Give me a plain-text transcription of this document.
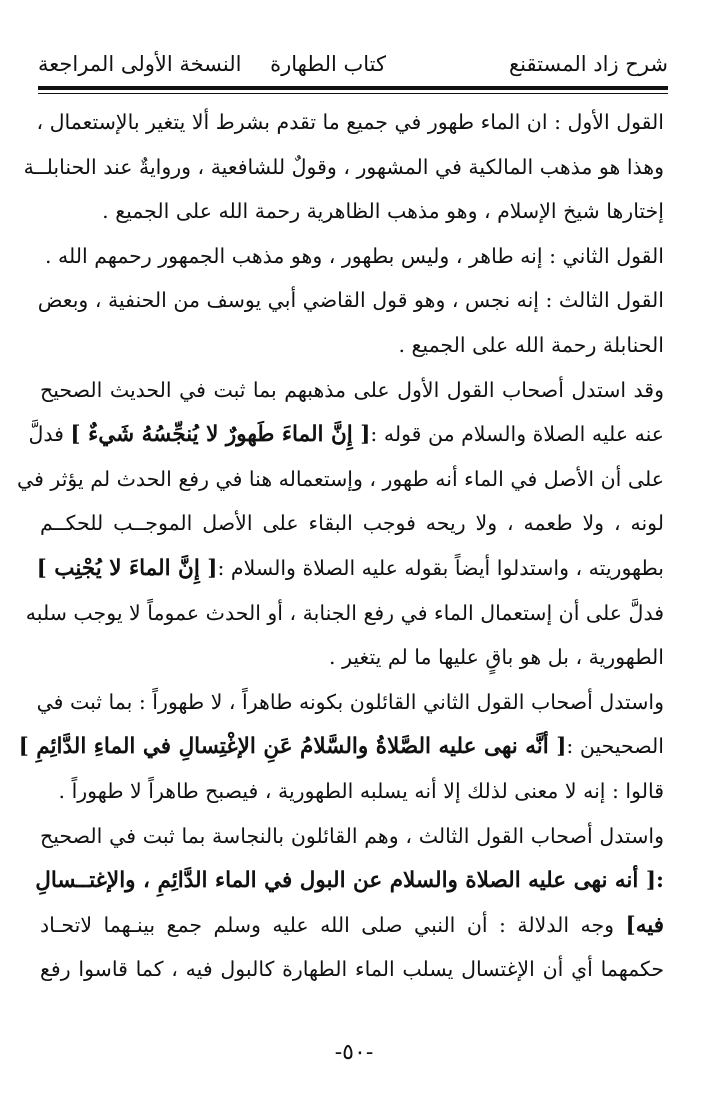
شرح زاد المستقنع
كتاب الطهارة
النسخة الأولى المراجعة
القول الأول : ان الماء طهور في جميع ما تقدم بشرط ألا يتغير بالإستعمال ،
وهذا هو مذهب المالكية في المشهور ، وقولٌ للشافعية ، وروايةٌ عند الحنابلــة
إختارها شيخ الإسلام ، وهو مذهب الظاهرية رحمة الله على الجميع .
القول الثاني : إنه طاهر ، وليس بطهور ، وهو مذهب الجمهور رحمهم الله .
القول الثالث : إنه نجس ، وهو قول القاضي أبي يوسف من الحنفية ، وبعض
الحنابلة رحمة الله على الجميع .
وقد استدل أصحاب القول الأول على مذهبهم بما ثبت في الحديث الصحيح
عنه عليه الصلاة والسلام من قوله :[ إِنَّ الماءَ طَهورٌ لا يُنجِّسُهُ شَيءٌ ] فدلَّ
على أن الأصل في الماء أنه طهور ، وإستعماله هنا في رفع الحدث لم يؤثر في
لونه ، ولا طعمه ، ولا ريحه فوجب البقاء على الأصل الموجــب للحكــم
بطهوريته ، واستدلوا أيضاً بقوله عليه الصلاة والسلام :[ إِنَّ الماءَ لا يُجْنِب ]
فدلَّ على أن إستعمال الماء في رفع الجنابة ، أو الحدث عموماً لا يوجب سلبه
الطهورية ، بل هو باقٍ عليها ما لم يتغير .
واستدل أصحاب القول الثاني القائلون بكونه طاهراً ، لا طهوراً : بما ثبت في
الصحيحين :[ أنَّه نهى عليه الصَّلاةُ والسَّلامُ عَنِ الإغْتِسالِ في الماءِ الدَّائِمِ ]
قالوا : إنه لا معنى لذلك إلا أنه يسلبه الطهورية ، فيصبح طاهراً لا طهوراً .
واستدل أصحاب القول الثالث ، وهم القائلون بالنجاسة بما ثبت في الصحيح
:[ أنه نهى عليه الصلاة والسلام عن البول في الماء الدَّائِمِ ، والإغتــسالِ
فيه] وجه الدلالة : أن النبي صلى الله عليه وسلم جمع بينـهما لاتحـاد
حكمهما أي أن الإغتسال يسلب الماء الطهارة كالبول فيه ، كما قاسوا رفع
-٥٠-
